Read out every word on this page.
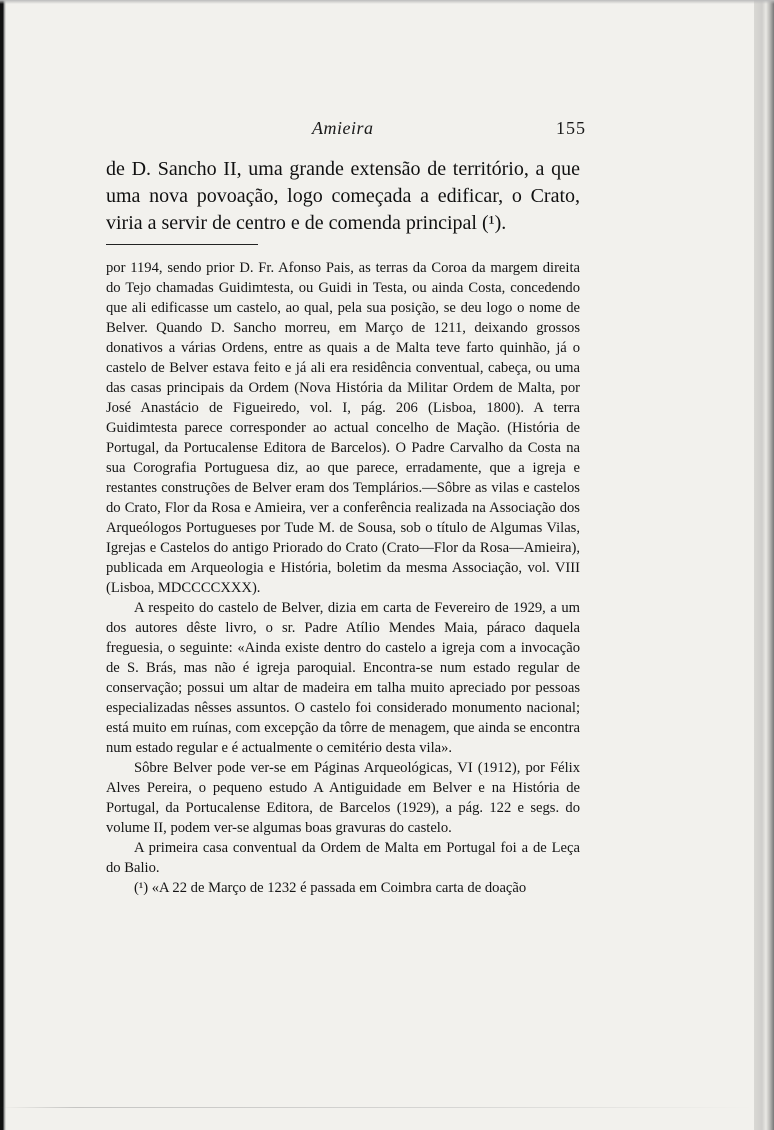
Amieira	155

de D. Sancho II, uma grande extensão de território, a que uma nova povoação, logo começada a edificar, o Crato, viria a servir de centro e de comenda principal (¹).

por 1194, sendo prior D. Fr. Afonso Pais, as terras da Coroa da margem direita do Tejo chamadas Guidimtesta, ou Guidi in Testa, ou ainda Costa, concedendo que ali edificasse um castelo, ao qual, pela sua posição, se deu logo o nome de Belver. Quando D. Sancho morreu, em Março de 1211, deixando grossos donativos a várias Ordens, entre as quais a de Malta teve farto quinhão, já o castelo de Belver estava feito e já ali era residência conventual, cabeça, ou uma das casas principais da Ordem (Nova História da Militar Ordem de Malta, por José Anastácio de Figueiredo, vol. I, pág. 206 (Lisboa, 1800). A terra Guidimtesta parece corresponder ao actual concelho de Mação. (História de Portugal, da Portucalense Editora de Barcelos). O Padre Carvalho da Costa na sua Corografia Portuguesa diz, ao que parece, erradamente, que a igreja e restantes construções de Belver eram dos Templários.—Sôbre as vilas e castelos do Crato, Flor da Rosa e Amieira, ver a conferência realizada na Associação dos Arqueólogos Portugueses por Tude M. de Sousa, sob o título de Algumas Vilas, Igrejas e Castelos do antigo Priorado do Crato (Crato—Flor da Rosa—Amieira), publicada em Arqueologia e História, boletim da mesma Associação, vol. VIII (Lisboa, MDCCCCXXX).

A respeito do castelo de Belver, dizia em carta de Fevereiro de 1929, a um dos autores dêste livro, o sr. Padre Atílio Mendes Maia, páraco daquela freguesia, o seguinte: «Ainda existe dentro do castelo a igreja com a invocação de S. Brás, mas não é igreja paroquial. Encontra-se num estado regular de conservação; possui um altar de madeira em talha muito apreciado por pessoas especializadas nêsses assuntos. O castelo foi considerado monumento nacional; está muito em ruínas, com excepção da tôrre de menagem, que ainda se encontra num estado regular e é actualmente o cemitério desta vila».

Sôbre Belver pode ver-se em Páginas Arqueológicas, VI (1912), por Félix Alves Pereira, o pequeno estudo A Antiguidade em Belver e na História de Portugal, da Portucalense Editora, de Barcelos (1929), a pág. 122 e segs. do volume II, podem ver-se algumas boas gravuras do castelo.

A primeira casa conventual da Ordem de Malta em Portugal foi a de Leça do Balio.

(¹) «A 22 de Março de 1232 é passada em Coimbra carta de doação
